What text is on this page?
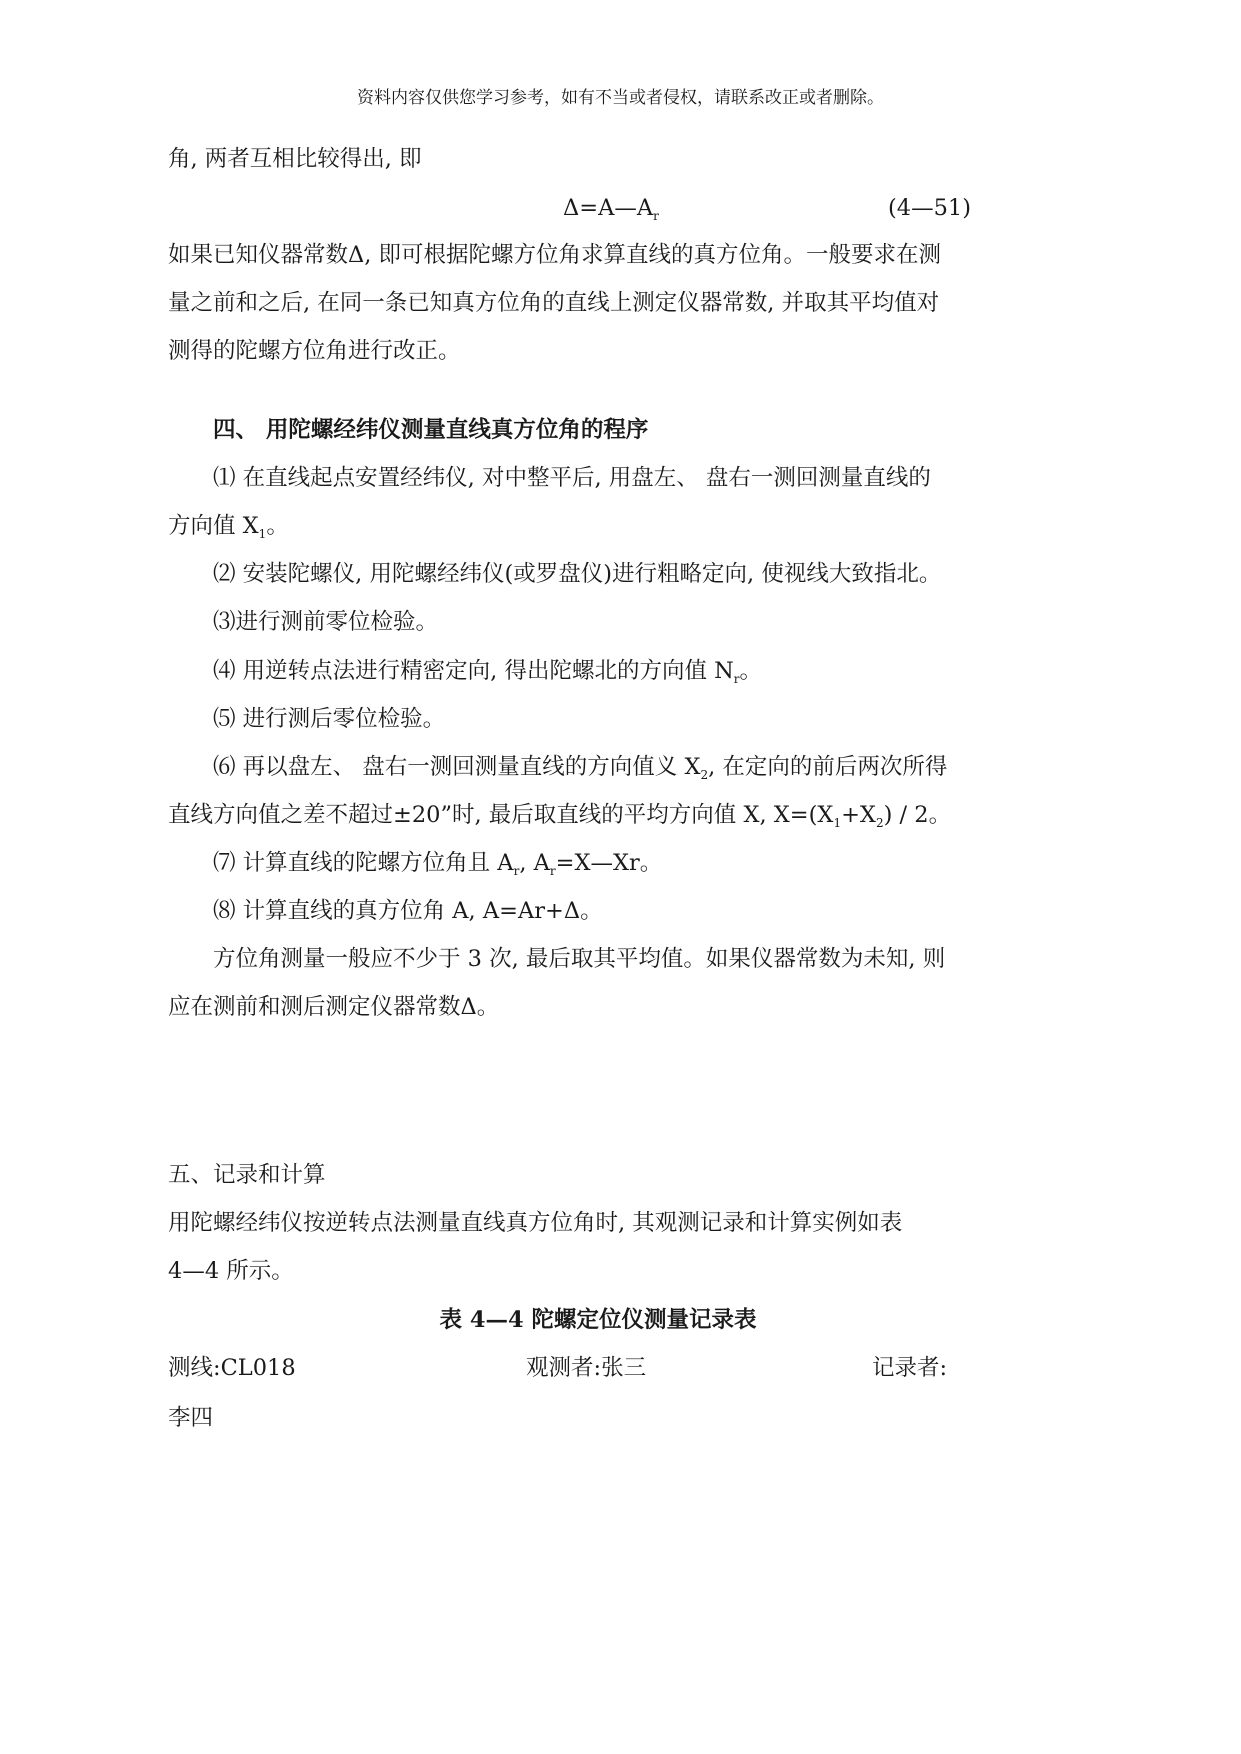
资料内容仅供您学习参考，如有不当或者侵权，请联系改正或者删除。
角, 两者互相比较得出, 即
$\Delta=A—A_r$	(4—51)
如果已知仪器常数Δ, 即可根据陀螺方位角求算直线的真方位角。一般要求在测
量之前和之后, 在同一条已知真方位角的直线上测定仪器常数, 并取其平均值对
测得的陀螺方位角进行改正。
四、 用陀螺经纬仪测量直线真方位角的程序
⑴ 在直线起点安置经纬仪, 对中整平后, 用盘左、 盘右一测回测量直线的
方向值 $X_1$。
⑵ 安装陀螺仪, 用陀螺经纬仪(或罗盘仪)进行粗略定向, 使视线大致指北。
⑶进行测前零位检验。
⑷ 用逆转点法进行精密定向, 得出陀螺北的方向值 $N_r$。
⑸ 进行测后零位检验。
⑹ 再以盘左、 盘右一测回测量直线的方向值义 $X_2$, 在定向的前后两次所得
直线方向值之差不超过±20”时, 最后取直线的平均方向值 X, $X=(X_1+X_2) / 2$。
⑺ 计算直线的陀螺方位角且 $A_r$, $A_r=X—Xr$。
⑻ 计算直线的真方位角 A, A=Ar+Δ。
方位角测量一般应不少于 3 次, 最后取其平均值。如果仪器常数为未知, 则
应在测前和测后测定仪器常数Δ。
五、记录和计算
用陀螺经纬仪按逆转点法测量直线真方位角时, 其观测记录和计算实例如表
4—4 所示。
表 4—4 陀螺定位仪测量记录表
测线:CL018	观测者:张三	记录者:
李四
